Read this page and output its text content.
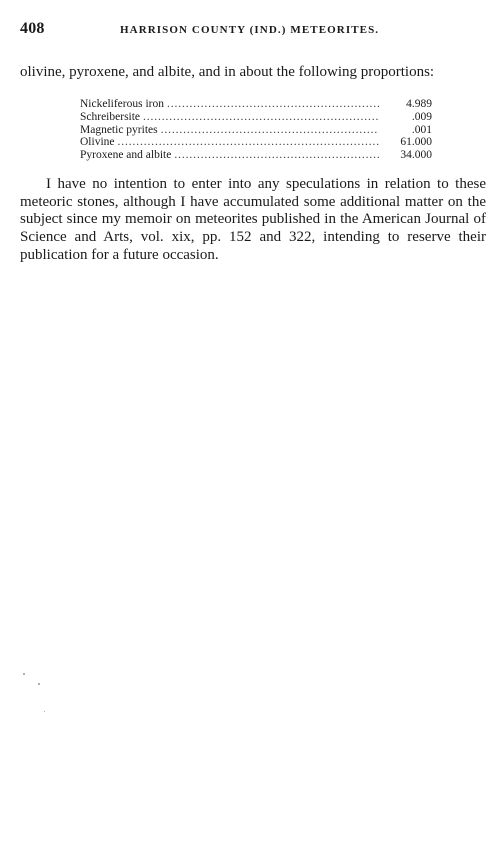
408	HARRISON COUNTY (IND.) METEORITES.

olivine, pyroxene, and albite, and in about the following proportions:

Nickeliferous iron . . .	4.989
Schreibersite . . .	.009
Magnetic pyrites . . .	.001
Olivine . . .	61.000
Pyroxene and albite . . .	34.000

I have no intention to enter into any speculations in relation to these meteoric stones, although I have accumulated some additional matter on the subject since my memoir on meteorites published in the American Journal of Science and Arts, vol. xix, pp. 152 and 322, intending to reserve their publication for a future occasion.
